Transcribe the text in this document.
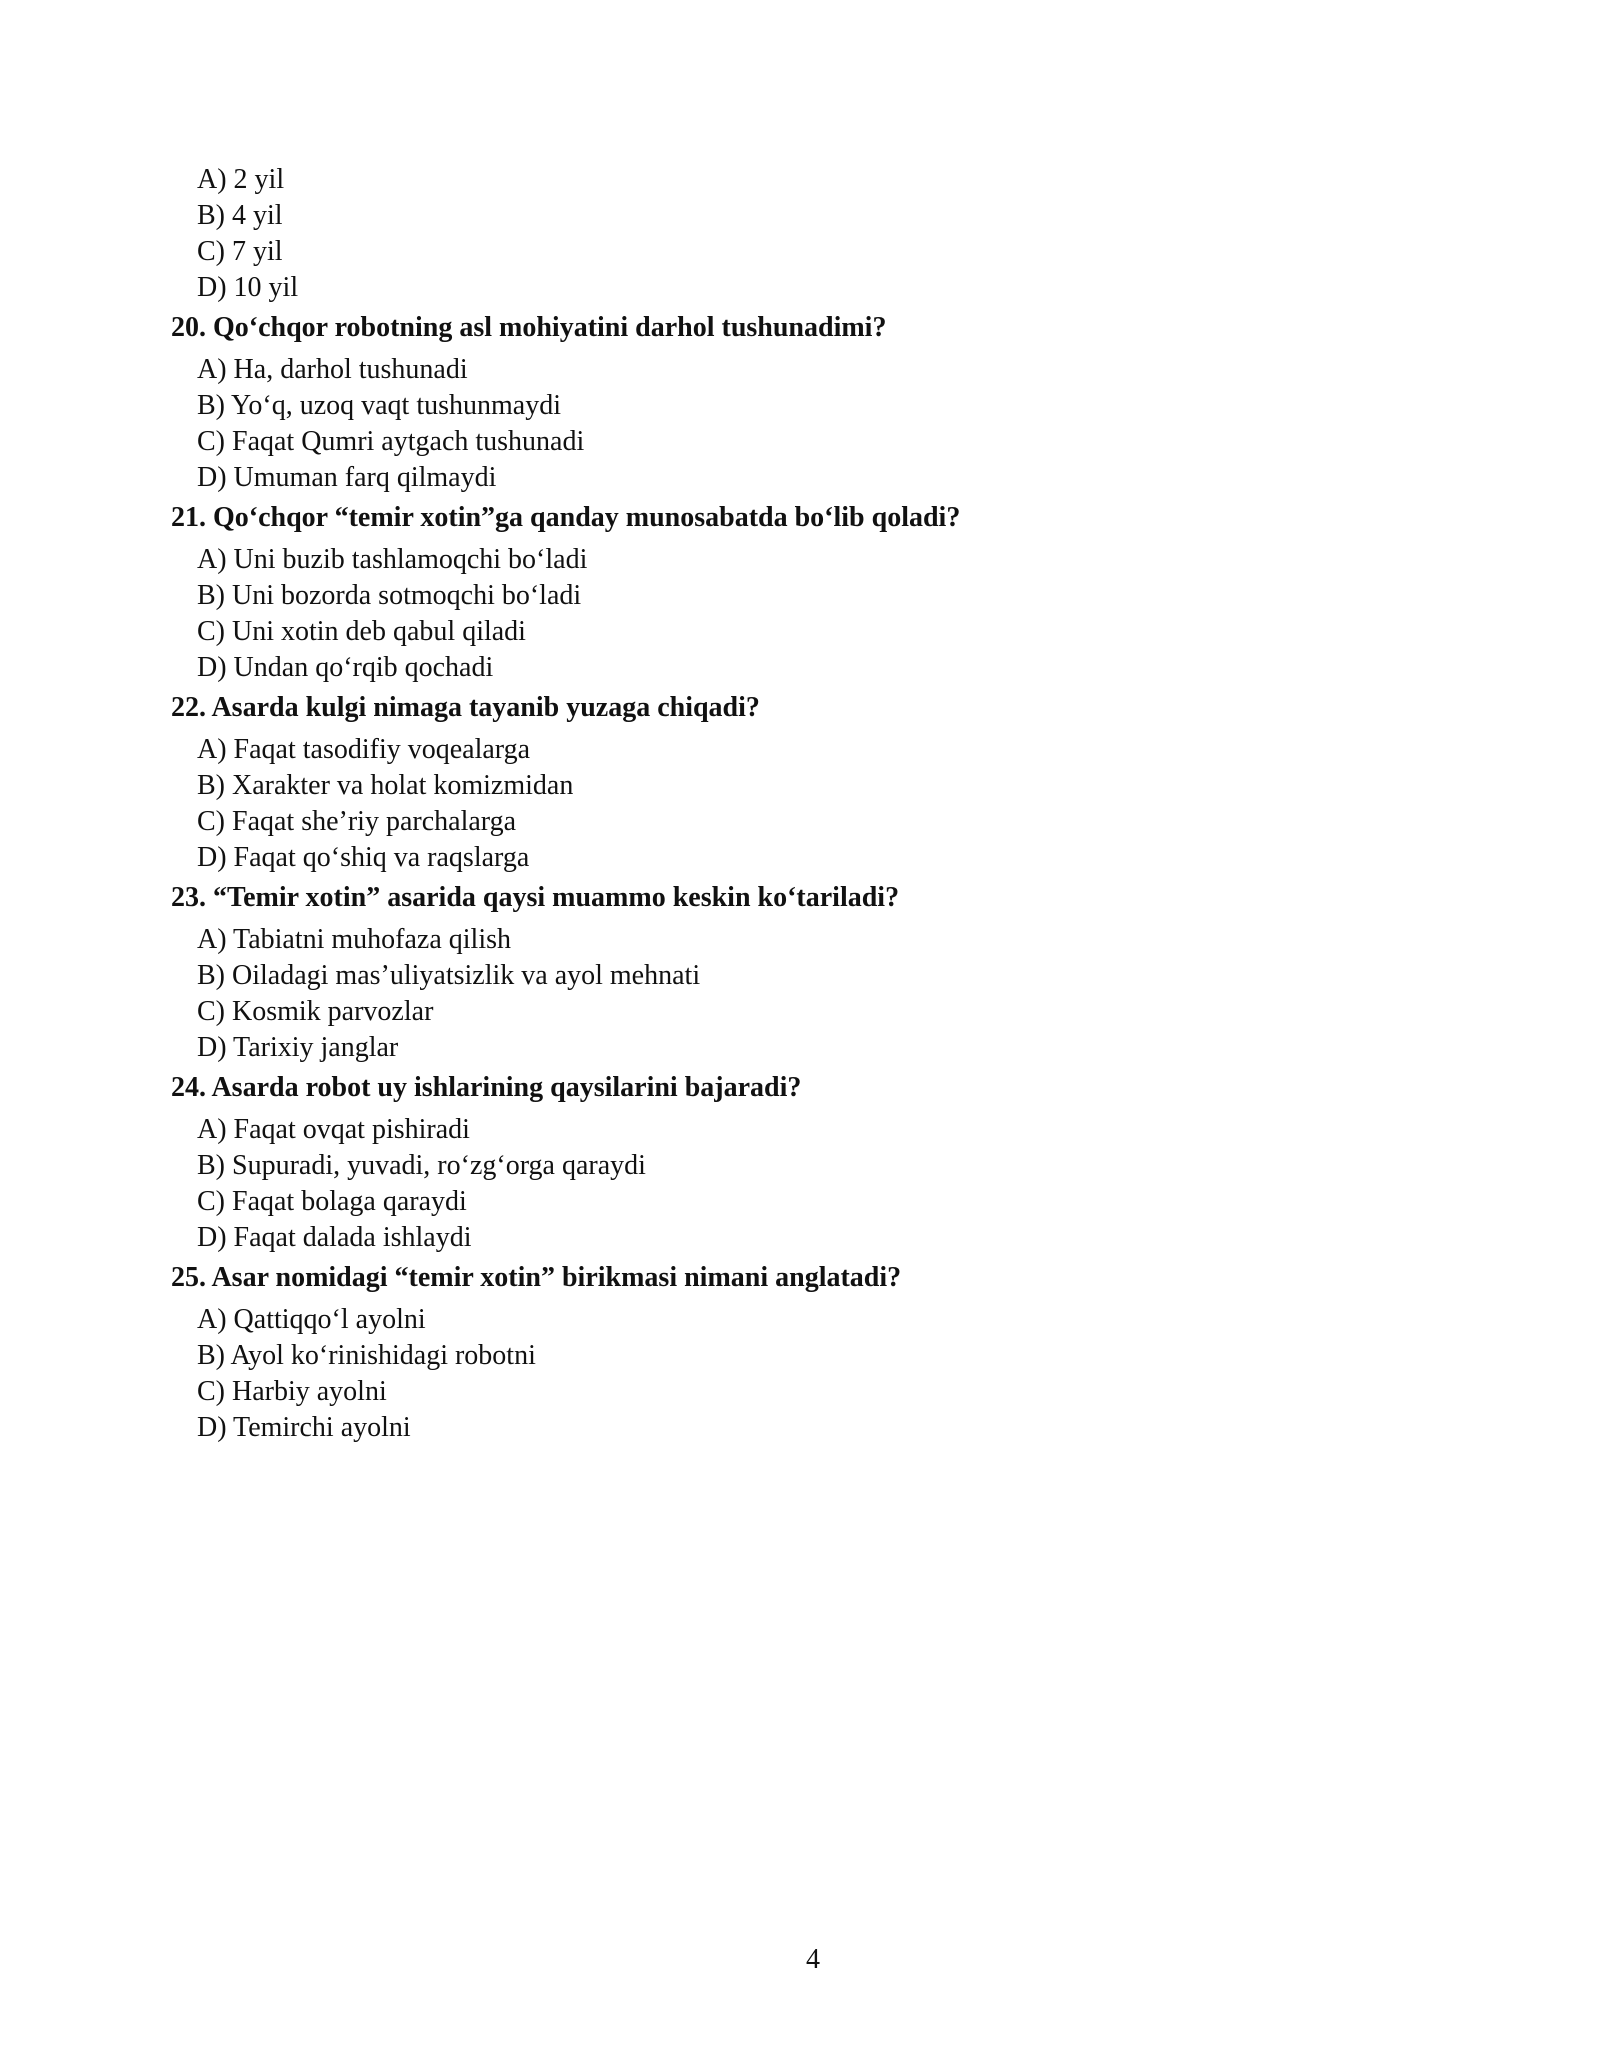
A) 2 yil
B) 4 yil
C) 7 yil
D) 10 yil
20. Qo‘chqor robotning asl mohiyatini darhol tushunadimi?
A) Ha, darhol tushunadi
B) Yo‘q, uzoq vaqt tushunmaydi
C) Faqat Qumri aytgach tushunadi
D) Umuman farq qilmaydi
21. Qo‘chqor “temir xotin”ga qanday munosabatda bo‘lib qoladi?
A) Uni buzib tashlamoqchi bo‘ladi
B) Uni bozorda sotmoqchi bo‘ladi
C) Uni xotin deb qabul qiladi
D) Undan qo‘rqib qochadi
22. Asarda kulgi nimaga tayanib yuzaga chiqadi?
A) Faqat tasodifiy voqealarga
B) Xarakter va holat komizmidan
C) Faqat she’riy parchalarga
D) Faqat qo‘shiq va raqslarga
23. “Temir xotin” asarida qaysi muammo keskin ko‘tariladi?
A) Tabiatni muhofaza qilish
B) Oiladagi mas’uliyatsizlik va ayol mehnati
C) Kosmik parvozlar
D) Tarixiy janglar
24. Asarda robot uy ishlarining qaysilarini bajaradi?
A) Faqat ovqat pishiradi
B) Supuradi, yuvadi, ro‘zg‘orga qaraydi
C) Faqat bolaga qaraydi
D) Faqat dalada ishlaydi
25. Asar nomidagi “temir xotin” birikmasi nimani anglatadi?
A) Qattiqqo‘l ayolni
B) Ayol ko‘rinishidagi robotni
C) Harbiy ayolni
D) Temirchi ayolni
4
